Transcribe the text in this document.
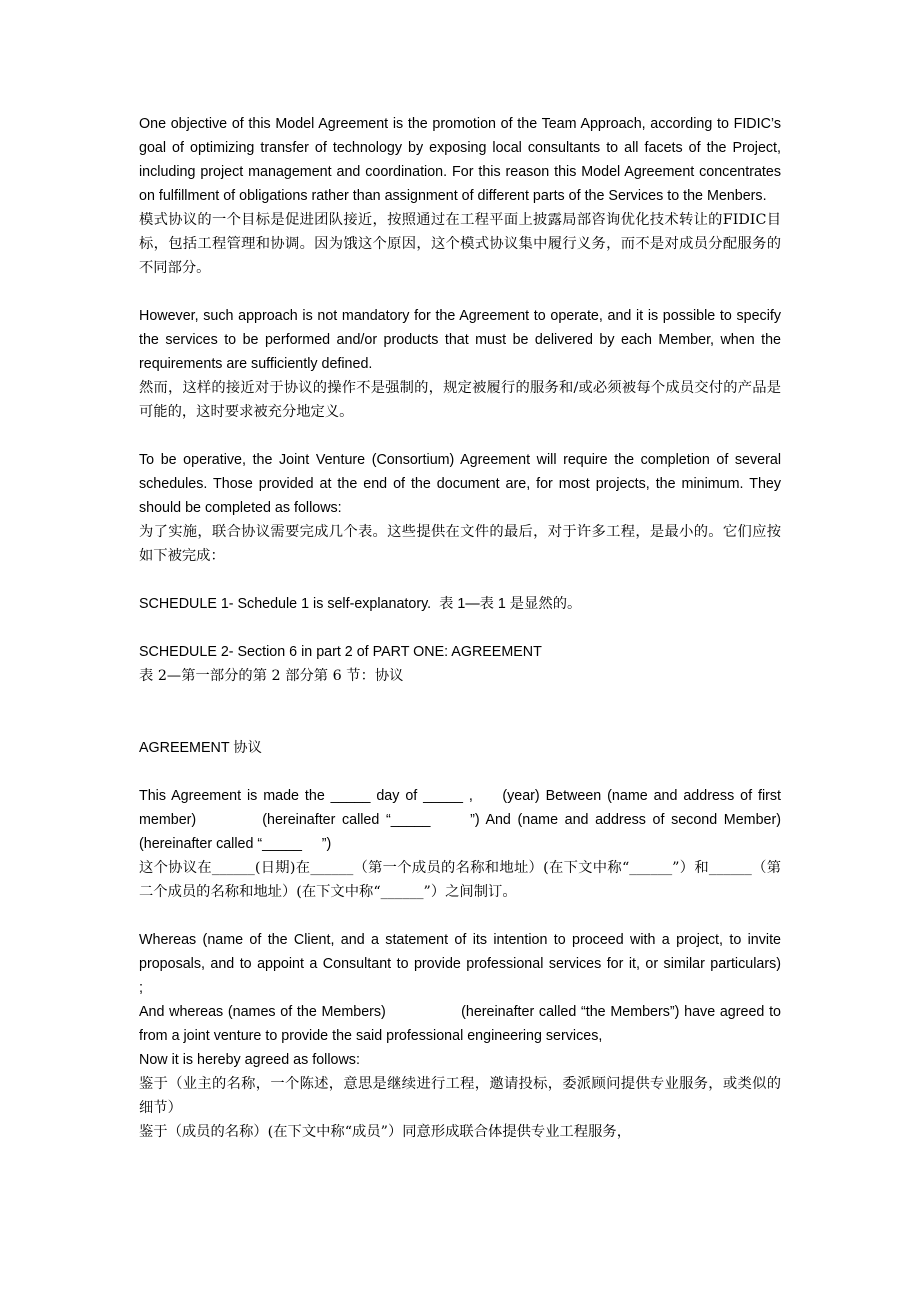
One objective of this Model Agreement is the promotion of the Team Approach, according to FIDIC’s goal of optimizing transfer of technology by exposing local consultants to all facets of the Project, including project management and coordination. For this reason this Model Agreement concentrates on fulfillment of obligations rather than assignment of different parts of the Services to the Menbers.

模式协议的一个目标是促进团队接近，按照通过在工程平面上披露局部咨询优化技术转让的FIDIC目标，包括工程管理和协调。因为饿这个原因，这个模式协议集中履行义务，而不是对成员分配服务的不同部分。

However, such approach is not mandatory for the Agreement to operate, and it is possible to specify the services to be performed and/or products that must be delivered by each Member, when the requirements are sufficiently defined.

然而，这样的接近对于协议的操作不是强制的，规定被履行的服务和/或必须被每个成员交付的产品是可能的，这时要求被充分地定义。

To be operative, the Joint Venture (Consortium) Agreement will require the completion of several schedules. Those provided at the end of the document are, for most projects, the minimum. They should be completed as follows:

为了实施，联合协议需要完成几个表。这些提供在文件的最后，对于许多工程，是最小的。它们应按如下被完成：

SCHEDULE 1- Schedule 1 is self-explanatory.  表 1—表 1 是显然的。

SCHEDULE 2- Section 6 in part 2 of PART ONE: AGREEMENT

表 2—第一部分的第 2 部分第 6 节：协议

AGREEMENT 协议

This Agreement is made the _____ day of _____ ,     (year) Between (name and address of first member)          (hereinafter called “_____      ”) And (name and address of second Member) (hereinafter called “_____     ”)

这个协议在______(日期)在______（第一个成员的名称和地址）(在下文中称“______”）和______（第二个成员的名称和地址）(在下文中称“______”）之间制订。

Whereas (name of the Client, and a statement of its intention to proceed with a project, to invite proposals, and to appoint a Consultant to provide professional services for it, or similar particulars)            ;

And whereas (names of the Members)                (hereinafter called “the Members”) have agreed to from a joint venture to provide the said professional engineering services,

Now it is hereby agreed as follows:

鉴于（业主的名称，一个陈述，意思是继续进行工程，邀请投标，委派顾问提供专业服务，或类似的细节）

鉴于（成员的名称）(在下文中称“成员”）同意形成联合体提供专业工程服务，
